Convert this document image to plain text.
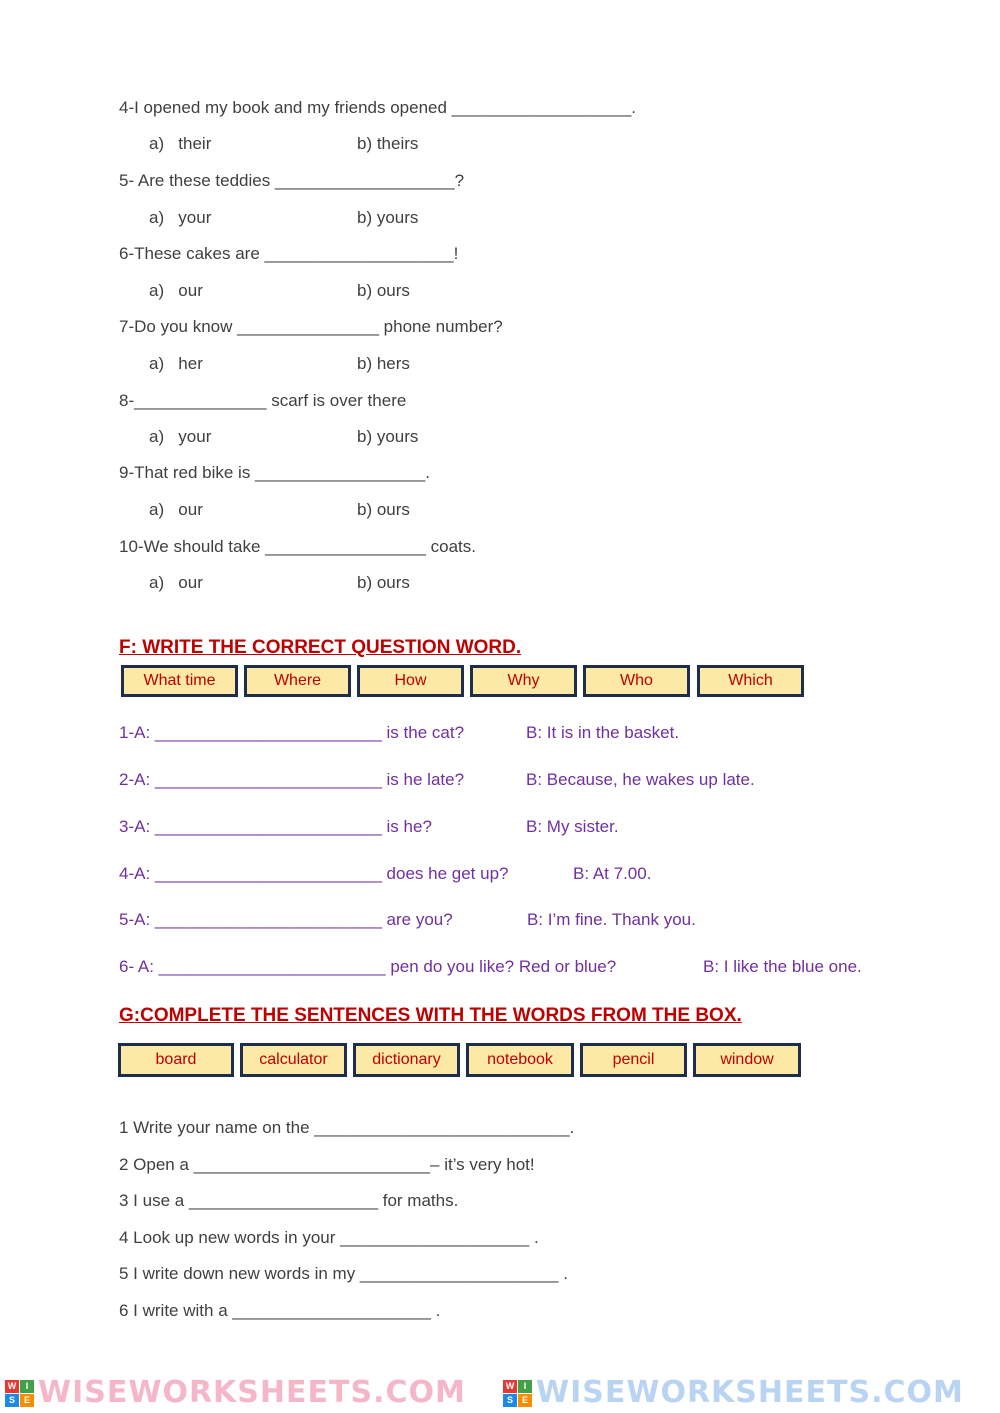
4-I opened my book and my friends opened ___________________.
a)   their	b) theirs
5- Are these teddies ___________________?
a)   your	b) yours
6-These cakes are ____________________!
a)   our	b) ours
7-Do you know _______________ phone number?
a)   her	b) hers
8-______________ scarf is over there
a)   your	b) yours
9-That red bike is __________________.
a)   our	b) ours
10-We should take _________________ coats.
a)   our	b) ours
F: WRITE THE CORRECT QUESTION WORD.
What time	Where	How	Why	Who	Which
1-A: ________________________ is the cat?	B: It is in the basket.
2-A: ________________________ is he late?	B: Because, he wakes up late.
3-A: ________________________ is he?	B: My sister.
4-A: ________________________ does he get up?	B: At 7.00.
5-A: ________________________ are you?	B: I’m fine. Thank you.
6- A: ________________________ pen do you like? Red or blue?	B: I like the blue one.
G:COMPLETE THE SENTENCES WITH THE WORDS FROM THE BOX.
board	calculator	dictionary	notebook	pencil	window
1 Write your name on the ___________________________.
2 Open a _________________________– it’s very hot!
3 I use a ____________________ for maths.
4 Look up new words in your ____________________ .
5 I write down new words in my _____________________ .
6 I write with a _____________________ .
W	I
S E WISEWORKSHEETS.COM	W	I
S E WISEWORKSHEETS.COM
